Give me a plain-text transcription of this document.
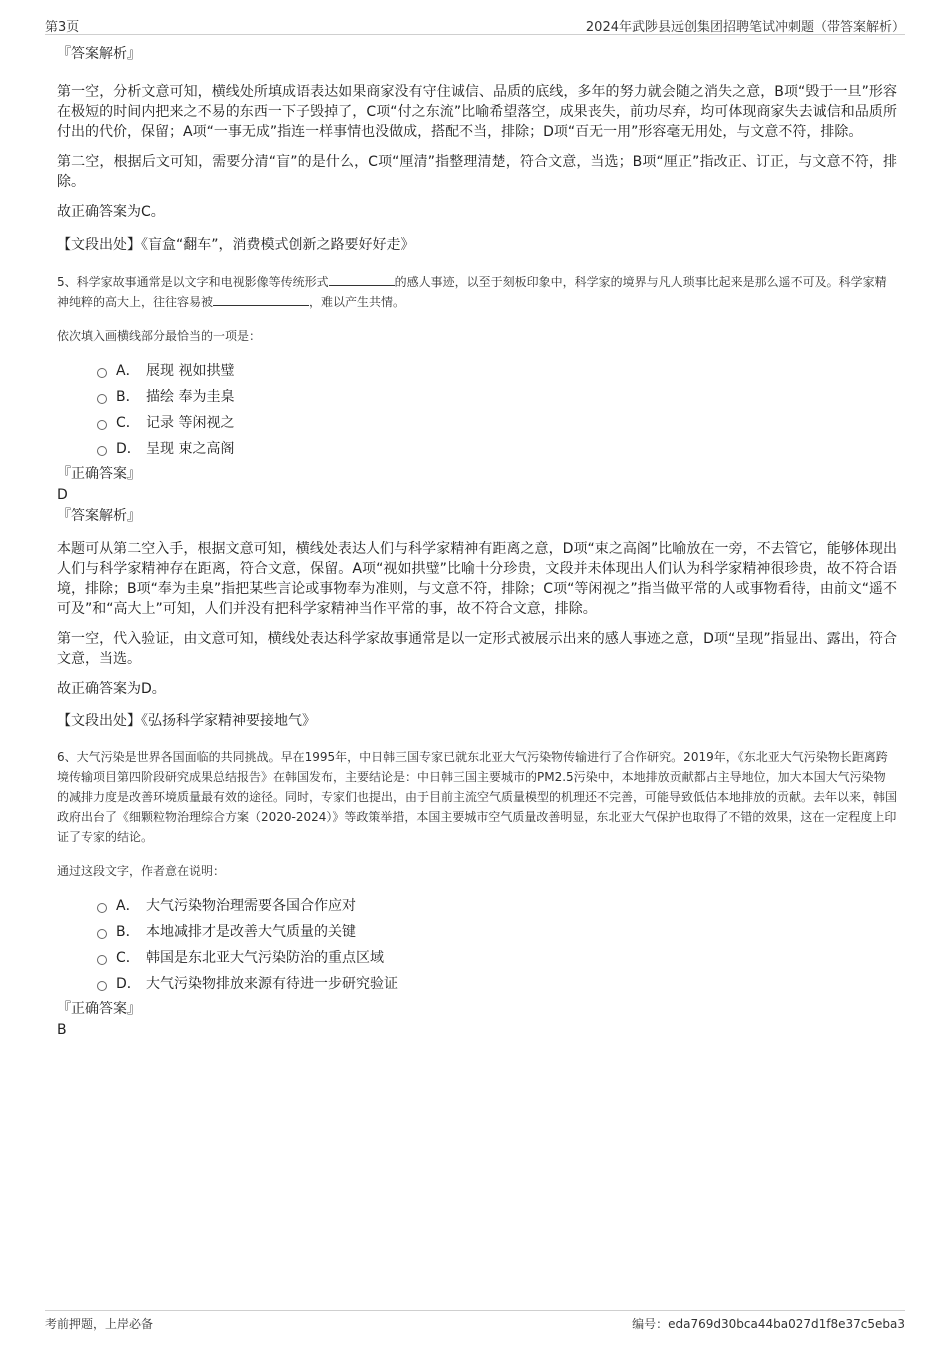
第3页	2024年武陟县远创集团招聘笔试冲刺题（带答案解析）

『答案解析』

第一空，分析文意可知，横线处所填成语表达如果商家没有守住诚信、品质的底线，多年的努力就会随之消失之意，B项“毁于一旦”形容在极短的时间内把来之不易的东西一下子毁掉了，C项“付之东流”比喻希望落空，成果丧失，前功尽弃，均可体现商家失去诚信和品质所付出的代价，保留；A项“一事无成”指连一样事情也没做成，搭配不当，排除；D项“百无一用”形容毫无用处，与文意不符，排除。

第二空，根据后文可知，需要分清“盲”的是什么，C项“厘清”指整理清楚，符合文意，当选；B项“厘正”指改正、订正，与文意不符，排除。

故正确答案为C。

【文段出处】《盲盒“翻车”，消费模式创新之路要好好走》

5、科学家故事通常是以文字和电视影像等传统形式	的感人事迹，以至于刻板印象中，科学家的境界与凡人琐事比起来是那么遥不可及。科学家精神纯粹的高大上，往往容易被	，难以产生共情。

依次填入画横线部分最恰当的一项是：

A． 展现 视如拱璧
B． 描绘 奉为圭臬
C． 记录 等闲视之
D． 呈现 束之高阁

『正确答案』

D

『答案解析』

本题可从第二空入手，根据文意可知，横线处表达人们与科学家精神有距离之意，D项“束之高阁”比喻放在一旁，不去管它，能够体现出人们与科学家精神存在距离，符合文意，保留。A项“视如拱璧”比喻十分珍贵，文段并未体现出人们认为科学家精神很珍贵，故不符合语境，排除；B项“奉为圭臬”指把某些言论或事物奉为准则，与文意不符，排除；C项“等闲视之”指当做平常的人或事物看待，由前文“遥不可及”和“高大上”可知，人们并没有把科学家精神当作平常的事，故不符合文意，排除。

第一空，代入验证，由文意可知，横线处表达科学家故事通常是以一定形式被展示出来的感人事迹之意，D项“呈现”指显出、露出，符合文意，当选。

故正确答案为D。

【文段出处】《弘扬科学家精神要接地气》

6、大气污染是世界各国面临的共同挑战。早在1995年，中日韩三国专家已就东北亚大气污染物传输进行了合作研究。2019年，《东北亚大气污染物长距离跨境传输项目第四阶段研究成果总结报告》在韩国发布，主要结论是：中日韩三国主要城市的PM2.5污染中，本地排放贡献都占主导地位，加大本国大气污染物的减排力度是改善环境质量最有效的途径。同时，专家们也提出，由于目前主流空气质量模型的机理还不完善，可能导致低估本地排放的贡献。去年以来，韩国政府出台了《细颗粒物治理综合方案（2020-2024）》等政策举措，本国主要城市空气质量改善明显，东北亚大气保护也取得了不错的效果，这在一定程度上印证了专家的结论。

通过这段文字，作者意在说明：

A． 大气污染物治理需要各国合作应对
B． 本地减排才是改善大气质量的关键
C． 韩国是东北亚大气污染防治的重点区域
D． 大气污染物排放来源有待进一步研究验证

『正确答案』

B

考前押题，上岸必备	编号：eda769d30bca44ba027d1f8e37c5eba3
